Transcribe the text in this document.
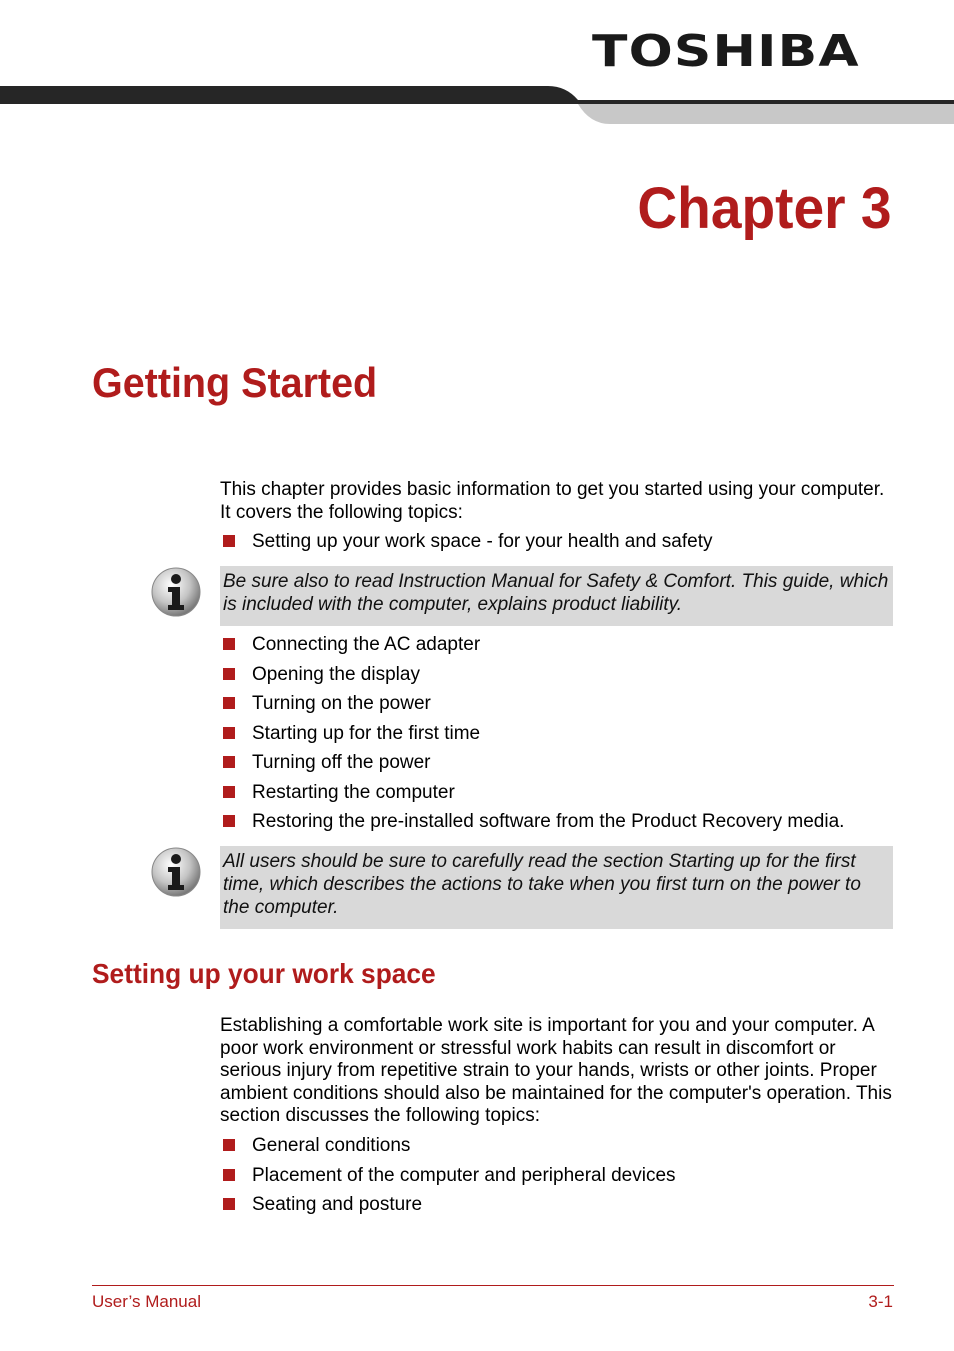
TOSHIBA
Chapter 3
Getting Started
This chapter provides basic information to get you started using your computer. It covers the following topics:
Setting up your work space - for your health and safety
Be sure also to read Instruction Manual for Safety & Comfort. This guide, which is included with the computer, explains product liability.
Connecting the AC adapter
Opening the display
Turning on the power
Starting up for the first time
Turning off the power
Restarting the computer
Restoring the pre-installed software from the Product Recovery media.
All users should be sure to carefully read the section Starting up for the first time, which describes the actions to take when you first turn on the power to the computer.
Setting up your work space
Establishing a comfortable work site is important for you and your computer. A poor work environment or stressful work habits can result in discomfort or serious injury from repetitive strain to your hands, wrists or other joints. Proper ambient conditions should also be maintained for the computer's operation. This section discusses the following topics:
General conditions
Placement of the computer and peripheral devices
Seating and posture
User’s Manual	3-1
